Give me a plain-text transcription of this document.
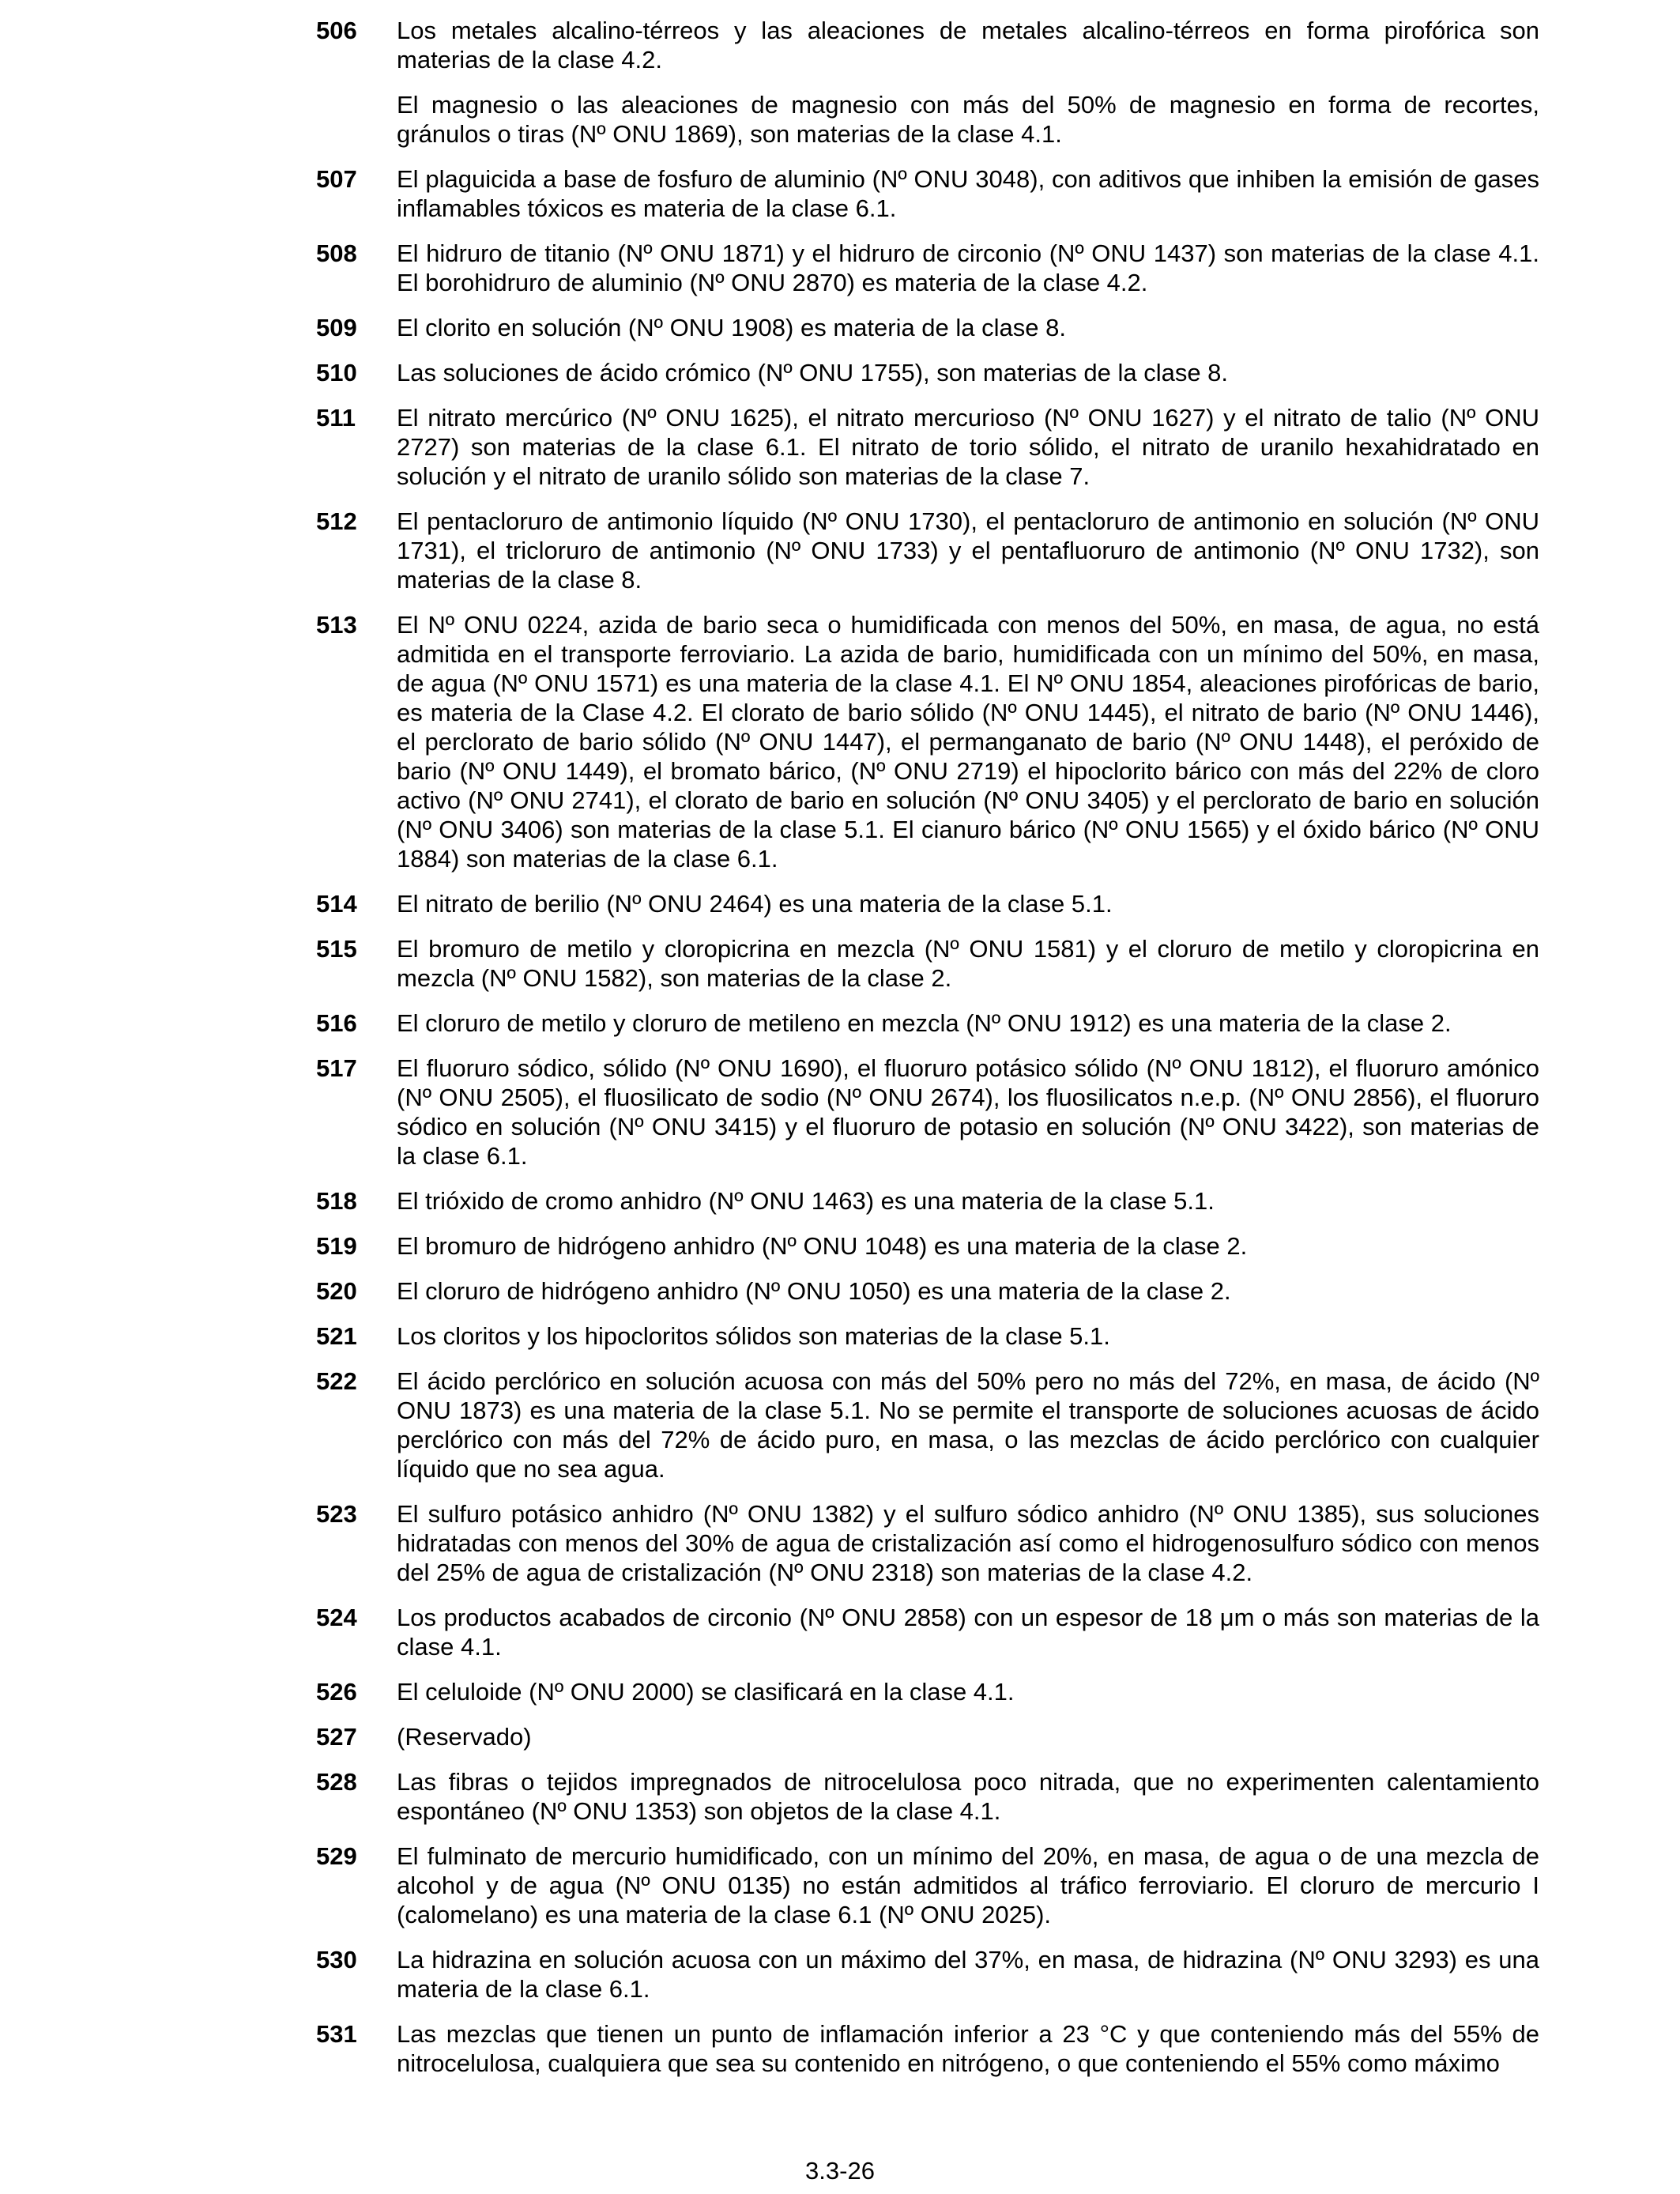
506	Los metales alcalino-térreos y las aleaciones de metales alcalino-térreos en forma pirofórica son materias de la clase 4.2.

El magnesio o las aleaciones de magnesio con más del 50% de magnesio en forma de recortes, gránulos o tiras (Nº ONU 1869), son materias de la clase 4.1.

507	El plaguicida a base de fosfuro de aluminio (Nº ONU 3048), con aditivos que inhiben la emisión de gases inflamables tóxicos es materia de la clase 6.1.

508	El hidruro de titanio (Nº ONU 1871) y el hidruro de circonio (Nº ONU 1437) son materias de la clase 4.1. El borohidruro de aluminio (Nº ONU 2870) es materia de la clase 4.2.

509	El clorito en solución (Nº ONU 1908) es materia de la clase 8.

510	Las soluciones de ácido crómico (Nº ONU 1755), son materias de la clase 8.

511	El nitrato mercúrico (Nº ONU 1625), el nitrato mercurioso (Nº ONU 1627) y el nitrato de talio (Nº ONU 2727) son materias de la clase 6.1. El nitrato de torio sólido, el nitrato de uranilo hexahidratado en solución y el nitrato de uranilo sólido son materias de la clase 7.

512	El pentacloruro de antimonio líquido (Nº ONU 1730), el pentacloruro de antimonio en solución (Nº ONU 1731), el tricloruro de antimonio (Nº ONU 1733) y el pentafluoruro de antimonio (Nº ONU 1732), son materias de la clase 8.

513	El Nº ONU 0224, azida de bario seca o humidificada con menos del 50%, en masa, de agua, no está admitida en el transporte ferroviario. La azida de bario, humidificada con un mínimo del 50%, en masa, de agua (Nº ONU 1571) es una materia de la clase 4.1. El Nº ONU 1854, aleaciones pirofóricas de bario, es materia de la Clase 4.2. El clorato de bario sólido (Nº ONU 1445), el nitrato de bario (Nº ONU 1446), el perclorato de bario sólido (Nº ONU 1447), el permanganato de bario (Nº ONU 1448), el peróxido de bario (Nº ONU 1449), el bromato bárico, (Nº ONU 2719) el hipoclorito bárico con más del 22% de cloro activo (Nº ONU 2741), el clorato de bario en solución (Nº ONU 3405) y el perclorato de bario en solución (Nº ONU 3406) son materias de la clase 5.1. El cianuro bárico (Nº ONU 1565) y el óxido bárico (Nº ONU 1884) son materias de la clase 6.1.

514	El nitrato de berilio (Nº ONU 2464) es una materia de la clase 5.1.

515	El bromuro de metilo y cloropicrina en mezcla (Nº ONU 1581) y el cloruro de metilo y cloropicrina en mezcla (Nº ONU 1582), son materias de la clase 2.

516	El cloruro de metilo y cloruro de metileno en mezcla (Nº ONU 1912) es una materia de la clase 2.

517	El fluoruro sódico, sólido (Nº ONU 1690), el fluoruro potásico sólido (Nº ONU 1812), el fluoruro amónico (Nº ONU 2505), el fluosilicato de sodio (Nº ONU 2674), los fluosilicatos n.e.p. (Nº ONU 2856), el fluoruro sódico en solución (Nº ONU 3415) y el fluoruro de potasio en solución (Nº ONU 3422), son materias de la clase 6.1.

518	El trióxido de cromo anhidro (Nº ONU 1463) es una materia de la clase 5.1.

519	El bromuro de hidrógeno anhidro (Nº ONU 1048) es una materia de la clase 2.

520	El cloruro de hidrógeno anhidro (Nº ONU 1050) es una materia de la clase 2.

521	Los cloritos y los hipocloritos sólidos son materias de la clase 5.1.

522	El ácido perclórico en solución acuosa con más del 50% pero no más del 72%, en masa, de ácido (Nº ONU 1873) es una materia de la clase 5.1. No se permite el transporte de soluciones acuosas de ácido perclórico con más del 72% de ácido puro, en masa, o las mezclas de ácido perclórico con cualquier líquido que no sea agua.

523	El sulfuro potásico anhidro (Nº ONU 1382) y el sulfuro sódico anhidro (Nº ONU 1385), sus soluciones hidratadas con menos del 30% de agua de cristalización así como el hidrogenosulfuro sódico con menos del 25% de agua de cristalización (Nº ONU 2318) son materias de la clase 4.2.

524	Los productos acabados de circonio (Nº ONU 2858) con un espesor de 18 μm o más son materias de la clase 4.1.

526	El celuloide (Nº ONU 2000) se clasificará en la clase 4.1.

527	(Reservado)

528	Las fibras o tejidos impregnados de nitrocelulosa poco nitrada, que no experimenten calentamiento espontáneo (Nº ONU 1353) son objetos de la clase 4.1.

529	El fulminato de mercurio humidificado, con un mínimo del 20%, en masa, de agua o de una mezcla de alcohol y de agua (Nº ONU 0135) no están admitidos al tráfico ferroviario. El cloruro de mercurio I (calomelano) es una materia de la clase 6.1 (Nº ONU 2025).

530	La hidrazina en solución acuosa con un máximo del 37%, en masa, de hidrazina (Nº ONU 3293) es una materia de la clase 6.1.

531	Las mezclas que tienen un punto de inflamación inferior a 23 °C y que conteniendo más del 55% de nitrocelulosa, cualquiera que sea su contenido en nitrógeno, o que conteniendo el 55% como máximo

3.3-26
